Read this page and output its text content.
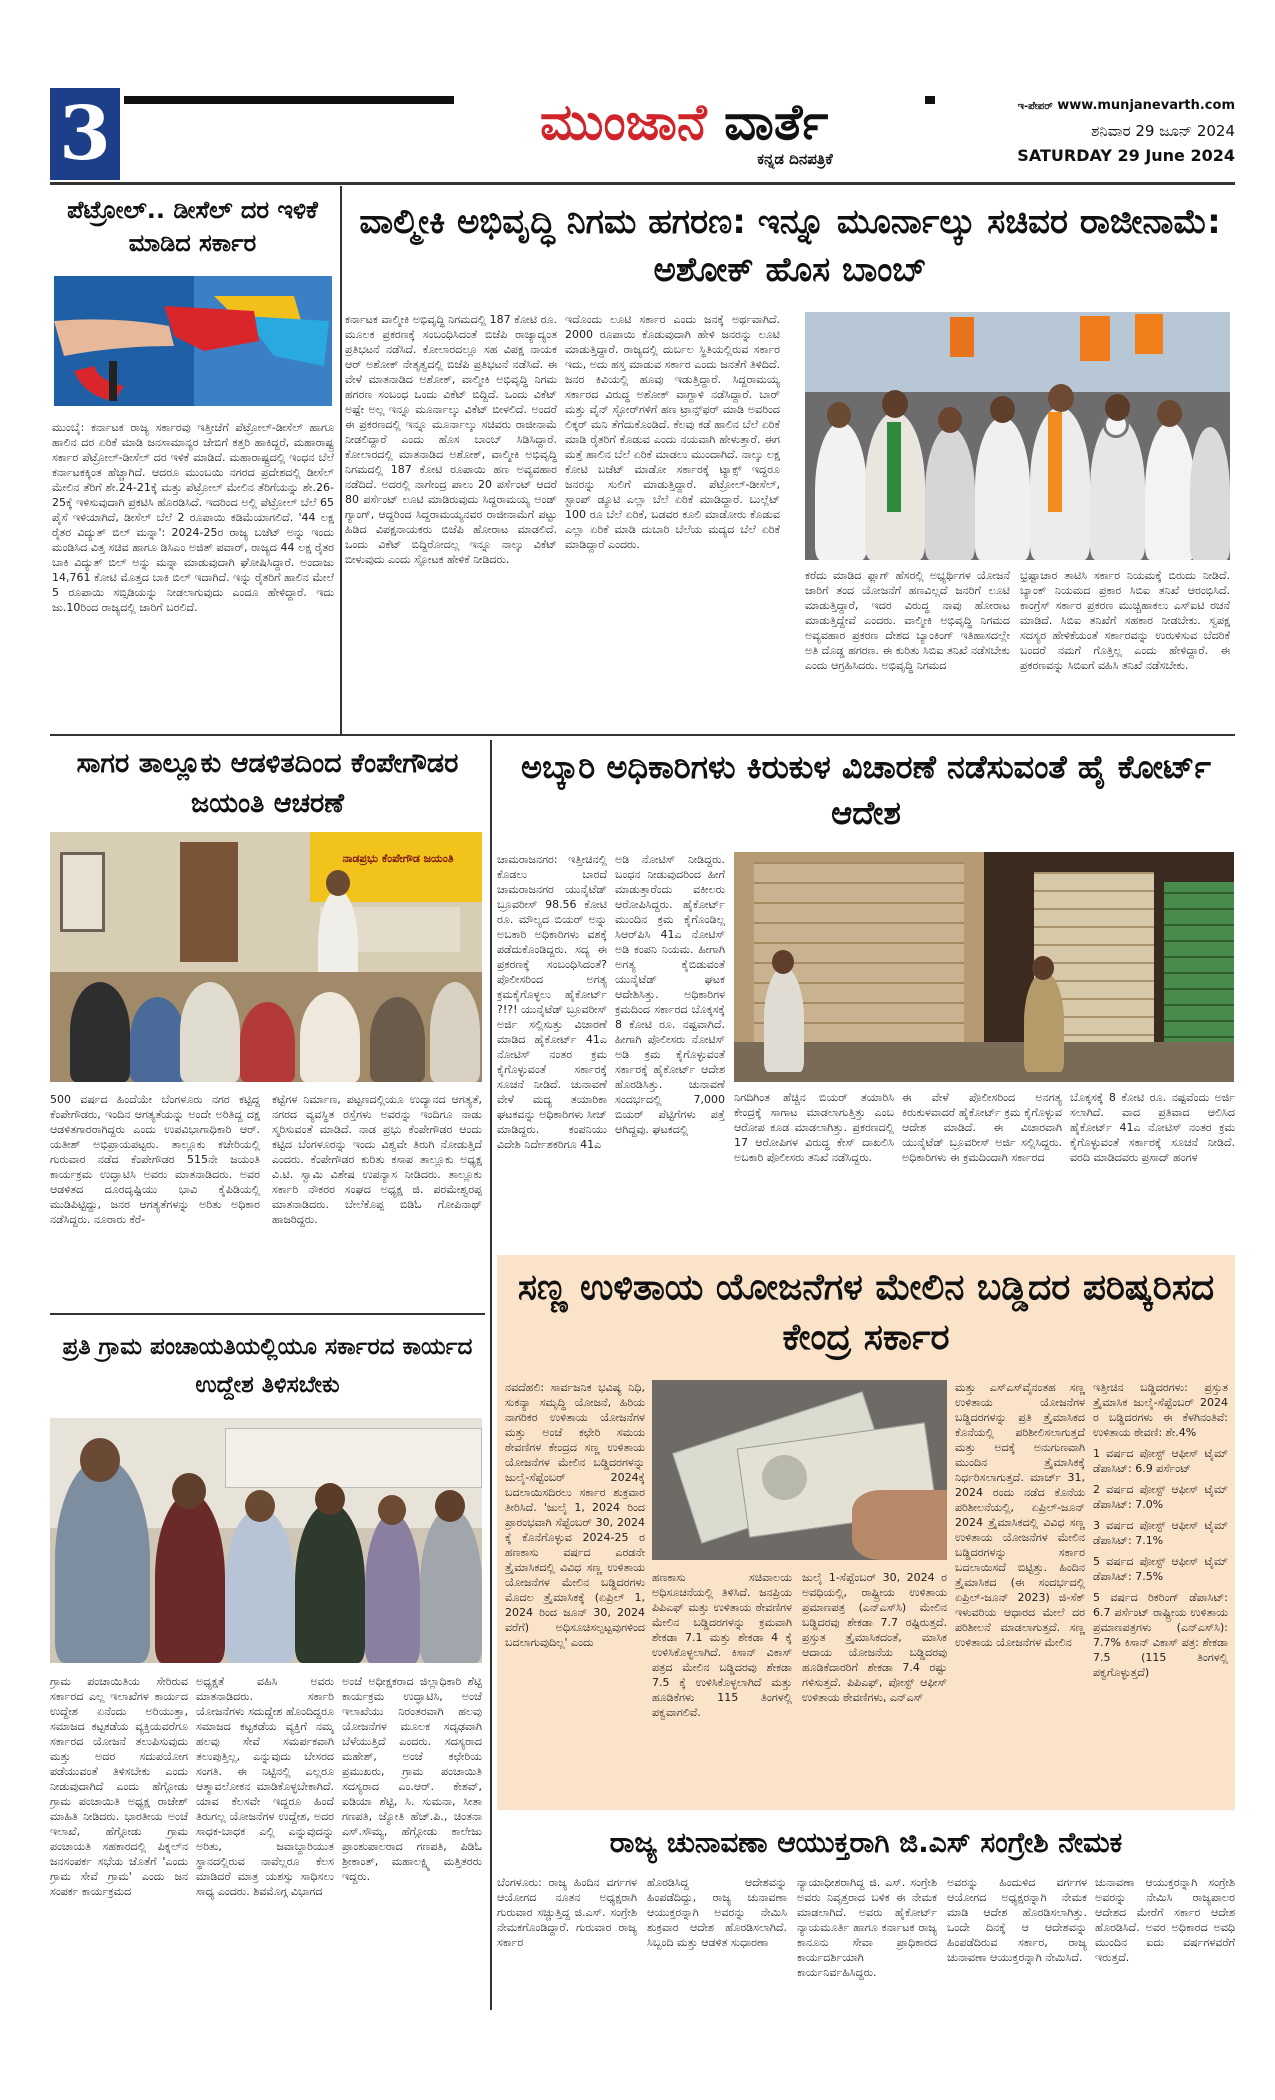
3	ಮುಂಜಾನೆ ವಾರ್ತೆ
ಕನ್ನಡ ದಿನಪತ್ರಿಕೆ
ಇ-ಪೇಪರ್ www.munjanevarth.com
ಶನಿವಾರ 29 ಜೂನ್ 2024
SATURDAY 29 June 2024
ಪೆಟ್ರೋಲ್.. ಡೀಸೆಲ್ ದರ ಇಳಿಕೆ ಮಾಡಿದ ಸರ್ಕಾರ
ಮುಂಬೈ: ಕರ್ನಾಟಕ ರಾಜ್ಯ ಸರ್ಕಾರವು ಇತ್ತೀಚೆಗೆ ಪೆಟ್ರೋಲ್-ಡೀಸೆಲ್ ಹಾಗೂ ಹಾಲಿನ ದರ ಏರಿಕೆ ಮಾಡಿ ಜನಸಾಮಾನ್ಯರ ಜೇಬಿಗೆ ಕತ್ತರಿ ಹಾಕಿದ್ದರೆ, ಮಹಾರಾಷ್ಟ್ರ ಸರ್ಕಾರ ಪೆಟ್ರೋಲ್-ಡೀಸೆಲ್ ದರ ಇಳಿಕೆ ಮಾಡಿದೆ. ಮಹಾರಾಷ್ಟ್ರದಲ್ಲಿ ಇಂಧನ ಬೆಲೆ ಕರ್ನಾಟಕಕ್ಕಿಂತ ಹೆಚ್ಚಾಗಿದೆ. ಆದರೂ ಮುಂಬಯಿ ನಗರದ ಪ್ರದೇಶದಲ್ಲಿ ಡೀಸೆಲ್ ಮೇಲಿನ ತೆರಿಗೆ ಶೇ.24-21ಕ್ಕೆ ಮತ್ತು ಪೆಟ್ರೋಲ್ ಮೇಲಿನ ತೆರಿಗೆಯನ್ನು ಶೇ.26-25ಕ್ಕೆ ಇಳಿಸುವುದಾಗಿ ಪ್ರಕಟಿಸಿ ಹೊರಡಿಸಿದೆ. ಇದರಿಂದ ಅಲ್ಲಿ ಪೆಟ್ರೋಲ್ ಬೆಲೆ 65 ಪೈಸೆ ಇಳಿಯಾಗಿದೆ, ಡೀಸೆಲ್ ಬೆಲೆ 2 ರೂಪಾಯಿ ಕಡಿಮೆಯಾಗಲಿದೆ. '44 ಲಕ್ಷ ರೈತರ ವಿದ್ಯುತ್ ಬಿಲ್ ಮನ್ನಾ': 2024-25ರ ರಾಜ್ಯ ಬಜೆಟ್ ಅನ್ನು ಇಂದು ಮಂಡಿಸಿದ ವಿತ್ತ ಸಚಿವ ಹಾಗೂ ಡಿಸಿಎಂ ಅಜಿತ್ ಪವಾರ್, ರಾಜ್ಯದ 44 ಲಕ್ಷ ರೈತರ ಬಾಕಿ ವಿದ್ಯುತ್ ಬಿಲ್ ಅನ್ನು ಮನ್ನಾ ಮಾಡುವುದಾಗಿ ಘೋಷಿಸಿದ್ದಾರೆ. ಅಂದಾಜು 14,761 ಕೋಟಿ ಮೊತ್ತದ ಬಾಕಿ ಬಿಲ್ ಇದಾಗಿದೆ. ಇನ್ನು ರೈತರಿಗೆ ಹಾಲಿನ ಮೇಲೆ 5 ರೂಪಾಯಿ ಸಬ್ಸಿಡಿಯನ್ನು ನೀಡಲಾಗುವುದು ಎಂದೂ ಹೇಳಿದ್ದಾರೆ. ಇದು ಜು.10ರಿಂದ ರಾಜ್ಯದಲ್ಲಿ ಜಾರಿಗೆ ಬರಲಿದೆ.
ವಾಲ್ಮೀಕಿ ಅಭಿವೃದ್ಧಿ ನಿಗಮ ಹಗರಣ: ಇನ್ನೂ ಮೂರ್ನಾಲ್ಕು ಸಚಿವರ ರಾಜೀನಾಮೆ: ಅಶೋಕ್ ಹೊಸ ಬಾಂಬ್
ಕರ್ನಾಟಕ ವಾಲ್ಮೀಕಿ ಅಭಿವೃದ್ಧಿ ನಿಗಮದಲ್ಲಿ 187 ಕೋಟಿ ರೂ. ಮೂಲಕ ಪ್ರಕರಣಕ್ಕೆ ಸಂಬಂಧಿಸಿದಂತೆ ಬಿಜೆಪಿ ರಾಜ್ಯಾದ್ಯಂತ ಪ್ರತಿಭಟನೆ ನಡೆಸಿದೆ. ಕೋಲಾರದಲ್ಲೂ ಸಹ ವಿಪಕ್ಷ ನಾಯಕ ಆರ್ ಅಶೋಕ್ ನೇತೃತ್ವದಲ್ಲಿ ಬಿಜೆಪಿ ಪ್ರತಿಭಟನೆ ನಡೆಸಿದೆ. ಈ ವೇಳೆ ಮಾತನಾಡಿದ ಅಶೋಕ್, ವಾಲ್ಮೀಕಿ ಅಭಿವೃದ್ಧಿ ನಿಗಮ ಹಗರಣ ಸಂಬಂಧ ಒಂದು ವಿಕೆಟ್ ಬಿದ್ದಿದೆ. ಒಂದು ವಿಕೆಟ್ ಅಷ್ಟೇ ಅಲ್ಲ ಇನ್ನೂ ಮೂರ್ನಾಲ್ಕು ವಿಕೆಟ್ ಬೀಳಲಿದೆ. ಅಂದರೆ ಈ ಪ್ರಕರಣದಲ್ಲಿ ಇನ್ನೂ ಮೂರ್ನಾಲ್ಕು ಸಚಿವರು ರಾಜೀನಾಮೆ ನೀಡಲಿದ್ದಾರೆ ಎಂದು ಹೊಸ ಬಾಂಬ್ ಸಿಡಿಸಿದ್ದಾರೆ. ಕೋಲಾರದಲ್ಲಿ ಮಾತನಾಡಿದ ಅಶೋಕ್, ವಾಲ್ಮೀಕಿ ಅಭಿವೃದ್ಧಿ ನಿಗಮದಲ್ಲಿ 187 ಕೋಟಿ ರೂಪಾಯಿ ಹಣ ಅವ್ಯವಹಾರ ನಡೆದಿದೆ. ಅದರಲ್ಲಿ ನಾಗೇಂದ್ರ ಪಾಲು 20 ಪರ್ಸೆಂಟ್ ಆದರೆ 80 ಪರ್ಸೆಂಟ್ ಲೂಟಿ ಮಾಡಿರುವುದು ಸಿದ್ದರಾಮಯ್ಯ ಅಂಡ್ ಗ್ಯಾಂಗ್, ಆದ್ದರಿಂದ ಸಿದ್ದರಾಮಯ್ಯನವರ ರಾಜೀನಾಮೆಗೆ ಪಟ್ಟು ಹಿಡಿದ ವಿಪಕ್ಷನಾಯಕರು ಬಿಜೆಪಿ ಹೋರಾಟ ಮಾಡಲಿದೆ. ಒಂದು ವಿಕೆಟ್ ಬಿದ್ದಿರೋದಲ್ಲ ಇನ್ನೂ ನಾಲ್ಕು ವಿಕೆಟ್ ಬೀಳುವುದು ಎಂದು ಸ್ಫೋಟಕ ಹೇಳಿಕೆ ನೀಡಿದರು.
ಇದೊಂದು ಲೂಟಿ ಸರ್ಕಾರ ಎಂದು ಜನಕ್ಕೆ ಅರ್ಥವಾಗಿದೆ. 2000 ರೂಪಾಯಿ ಕೊಡುವುದಾಗಿ ಹೇಳಿ ಜನರನ್ನು ಲೂಟಿ ಮಾಡುತ್ತಿದ್ದಾರೆ. ರಾಜ್ಯದಲ್ಲಿ ದುರ್ಬಲ ಸ್ಥಿತಿಯಲ್ಲಿರುವ ಸರ್ಕಾರ ಇದು, ಅದು ಹಸ್ತ ಮಾಡುವ ಸರ್ಕಾರ ಎಂದು ಜನತೆಗೆ ತಿಳಿದಿದೆ. ಜನರ ಕಿವಿಯಲ್ಲಿ ಹೂವು ಇಡುತ್ತಿದ್ದಾರೆ. ಸಿದ್ದರಾಮಯ್ಯ ಸರ್ಕಾರದ ವಿರುದ್ಧ ಅಶೋಕ್ ವಾಗ್ದಾಳಿ ನಡೆಸಿದ್ದಾರೆ. ಬಾರ್ ಮತ್ತು ವೈನ್ ಸ್ಟೋರ್‌ಗಳಿಗೆ ಹಣ ಟ್ರಾನ್ಸ್‌ಫರ್ ಮಾಡಿ ಅವರಿಂದ ಲಿಕ್ಕರ್ ಮನಿ ತೆಗೆದುಕೊಂಡಿದೆ. ಕೆಲವು ಕಡೆ ಹಾಲಿನ ಬೆಲೆ ಏರಿಕೆ ಮಾಡಿ ರೈತರಿಗೆ ಕೊಡುವ ಎಂದು ನಯವಾಗಿ ಹೇಳುತ್ತಾರೆ. ಈಗ ಮತ್ತೆ ಹಾಲಿನ ಬೆಲೆ ಏರಿಕೆ ಮಾಡಲು ಮುಂದಾಗಿದೆ. ನಾಲ್ಕು ಲಕ್ಷ ಕೋಟಿ ಬಜೆಟ್ ಮಾಡೋ ಸರ್ಕಾರಕ್ಕೆ ಟ್ಯಾಕ್ಸ್ ಇದ್ದರೂ ಜನರನ್ನು ಸುಲಿಗೆ ಮಾಡುತ್ತಿದ್ದಾರೆ. ಪೆಟ್ರೋಲ್-ಡೀಸೆಲ್, ಸ್ಟಾಂಪ್ ಡ್ಯೂಟಿ ಎಲ್ಲಾ ಬೆಲೆ ಏರಿಕೆ ಮಾಡಿದ್ದಾರೆ. ಬುಲ್ಲೆಟ್ 100 ರೂ ಬೆಲೆ ಏರಿಕೆ, ಬಡವರ ಕೂಲಿ ಮಾಡೋರು ಕೊಡುವ ಎಲ್ಲಾ ಏರಿಕೆ ಮಾಡಿ ದುಬಾರಿ ಬೆಲೆಯ ಮದ್ಯದ ಬೆಲೆ ಏರಿಕೆ ಮಾಡಿದ್ದಾರೆ ಎಂದರು.
ಕರೆದು ಮಾಡಿದ ಫ್ಲಾಗ್ ಹೆಸರಲ್ಲಿ ಅಭ್ಯರ್ಥಿಗಳ ಯೋಜನೆ ಜಾರಿಗೆ ತಂದ ಯೋಜನೆಗೆ ಹಣವಿಲ್ಲದೆ ಜನರಿಗೆ ಲೂಟಿ ಮಾಡುತ್ತಿದ್ದಾರೆ, ಇದರ ವಿರುದ್ಧ ನಾವು ಹೋರಾಟ ಮಾಡುತ್ತಿದ್ದೇವೆ ಎಂದರು. ವಾಲ್ಮೀಕಿ ಅಭಿವೃದ್ಧಿ ನಿಗಮದ ಅವ್ಯವಹಾರ ಪ್ರಕರಣ ದೇಶದ ಬ್ಯಾಂಕಿಂಗ್ ಇತಿಹಾಸದಲ್ಲೇ ಅತಿ ದೊಡ್ಡ ಹಗರಣ. ಈ ಕುರಿತು ಸಿಬಿಐ ತನಿಖೆ ನಡೆಸಬೇಕು ಎಂದು ಆಗ್ರಹಿಸಿದರು. ಅಭಿವೃದ್ಧಿ ನಿಗಮದ
ಭ್ರಷ್ಟಾಚಾರ ತಾಟಿಸಿ ಸರ್ಕಾರ ನಿಯಮಕ್ಕೆ ಬಿರುದು ನೀಡಿದೆ. ಬ್ಯಾಂಕ್ ನಿಯಮದ ಪ್ರಕಾರ ಸಿಬಿಐ ತನಿಖೆ ಆರಂಭಿಸಿದೆ. ಕಾಂಗ್ರೆಸ್ ಸರ್ಕಾರ ಪ್ರಕರಣ ಮುಚ್ಚಿಹಾಕಲು ಎಸ್‌ಐಟಿ ರಚನೆ ಮಾಡಿದೆ. ಸಿಬಿಐ ತನಿಖೆಗೆ ಸಹಕಾರ ನೀಡಬೇಕು. ಸ್ವಪಕ್ಷ ಸದಸ್ಯರ ಹೇಳಿಕೆಯಂತೆ ಸರ್ಕಾರವನ್ನು ಉರುಳಿಸುವ ಬೆದರಿಕೆ ಬಂದರೆ ನಮಗೆ ಗೊತ್ತಿಲ್ಲ ಎಂದು ಹೇಳಿದ್ದಾರೆ. ಈ ಪ್ರಕರಣವನ್ನು ಸಿಬಿಐಗೆ ವಹಿಸಿ ತನಿಖೆ ನಡೆಸಬೇಕು.
ಸಾಗರ ತಾಲ್ಲೂಕು ಆಡಳಿತದಿಂದ ಕೆಂಪೇಗೌಡರ ಜಯಂತಿ ಆಚರಣೆ
ನಾಡಪ್ರಭು ಕೆಂಪೇಗೌಡ ಜಯಂತಿ
500 ವರ್ಷದ ಹಿಂದೆಯೇ ಬೆಂಗಳೂರು ನಗರ ಕಟ್ಟಿದ್ದ ಕೆಂಪೇಗೌಡರು, ಇಂದಿನ ಆಗತ್ಯತೆಯನ್ನು ಅಂದೇ ಅರಿತಿದ್ದ ದಕ್ಷ ಆಡಳಿತಗಾರರಾಗಿದ್ದರು ಎಂದು ಉಪವಿಭಾಗಾಧಿಕಾರಿ ಆರ್. ಯತೀಶ್ ಅಭಿಪ್ರಾಯಪಟ್ಟರು. ತಾಲ್ಲೂಕು ಕಚೇರಿಯಲ್ಲಿ ಗುರುವಾರ ನಡೆದ ಕೆಂಪೇಗೌಡರ 515ನೇ ಜಯಂತಿ ಕಾರ್ಯಕ್ರಮ ಉದ್ಘಾಟಿಸಿ ಅವರು ಮಾತನಾಡಿದರು. ಅವರ ಆಡಳಿತದ ದೂರದೃಷ್ಟಿಯು ಭಾವಿ ಕೈಪಿಡಿಯಲ್ಲಿ ಮುಡಿಪಿಟ್ಟಿದ್ದು, ಜನರ ಆಗತ್ಯತೆಗಳನ್ನು ಅರಿತು ಅಧಿಕಾರ ನಡೆಸಿದ್ದರು. ನೂರಾರು ಕೆರೆ-
ಕಟ್ಟೆಗಳ ನಿರ್ಮಾಣ, ಪಟ್ಟಣದಲ್ಲಿಯೂ ಉದ್ಯಾನದ ಆಗತ್ಯತೆ, ನಗರದ ವ್ಯವಸ್ಥಿತ ರಸ್ತೆಗಳು ಅವರನ್ನು ಇಂದಿಗೂ ನಾಡು ಸ್ಮರಿಸುವಂತೆ ಮಾಡಿದೆ. ನಾಡ ಪ್ರಭು ಕೆಂಪೇಗೌಡರ ಆಂದು ಕಟ್ಟಿದ ಬೆಂಗಳೂರನ್ನು ಇಂದು ವಿಶ್ವವೇ ತಿರುಗಿ ನೋಡುತ್ತಿದೆ ಎಂದರು. ಕೆಂಪೇಗೌಡರ ಕುರಿತು ಕಸಾಪ ತಾಲ್ಲೂಕು ಅಧ್ಯಕ್ಷ ವಿ.ಟಿ. ಸ್ವಾಮಿ ವಿಶೇಷ ಉಪನ್ಯಾಸ ನೀಡಿದರು. ತಾಲ್ಲೂಕು ಸರ್ಕಾರಿ ನೌಕರರ ಸಂಘದ ಅಧ್ಯಕ್ಷ ಜಿ. ಪರಮೇಶ್ವರಪ್ಪ ಮಾತನಾಡಿದರು. ಬೇಲೆಕೊಪ್ಪ ಬಿಡಿಓ ಗೋಪಿನಾಥ್ ಹಾಜರಿದ್ದರು.
ಪ್ರತಿ ಗ್ರಾಮ ಪಂಚಾಯತಿಯಲ್ಲಿಯೂ ಸರ್ಕಾರದ ಕಾರ್ಯದ ಉದ್ದೇಶ ತಿಳಿಸಬೇಕು
ಗ್ರಾಮ ಪಂಚಾಯಿತಿಯ ಸೇರಿರುವ ಸರ್ಕಾರದ ಎಲ್ಲ ಇಲಾಖೆಗಳ ಕಾರ್ಯದ ಉದ್ದೇಶ ಏನೆಂದು ಅರಿಯುತ್ತಾ, ಸಮಾಜದ ಕಟ್ಟಕಡೆಯ ವ್ಯಕ್ತಿಯವರೆಗೂ ಸರ್ಕಾರದ ಯೋಜನೆ ತಲುಪಿಸುವುದು ಮತ್ತು ಅದರ ಸದುಪಯೋಗ ಪಡೆಯುವಂತೆ ತಿಳಿಸಬೇಕು ಎಂದು ನೀಡುವುದಾಗಿದೆ ಎಂದು ಹೆಗ್ಗೋಡು ಗ್ರಾಮ ಪಂಚಾಯಿತಿ ಅಧ್ಯಕ್ಷ ರಾಜೇಶ್ ಮಾಹಿತಿ ನೀಡಿದರು. ಭಾರತೀಯ ಅಂಚೆ ಇಲಾಖೆ, ಹೆಗ್ಗೋಡು ಗ್ರಾಮ ಪಂಚಾಯತಿ ಸಹಕಾರದಲ್ಲಿ ಪಿಕ್ನಲ್‌ನ ಜನಸಂಪರ್ಕ ಸಭೆಯ ಜೊತೆಗೆ 'ಎಂದು ಗ್ರಾಮ ಸೇವೆ ಗ್ರಾಮ' ಎಂದು ಜನ ಸಂಪರ್ಕ ಕಾರ್ಯಕ್ರಮದ
ಅಧ್ಯಕ್ಷತೆ ವಹಿಸಿ ಅವರು ಮಾತನಾಡಿದರು. ಸರ್ಕಾರಿ ಯೋಜನೆಗಳು ಸದುದ್ದೇಶ ಹೊಂದಿದ್ದರೂ ಸಮಾಜದ ಕಟ್ಟಕಡೆಯ ವ್ಯಕ್ತಿಗೆ ನಮ್ಮ ಹಲವು ಸೇವೆ ಸಮರ್ಪಕವಾಗಿ ತಲುಪುತ್ತಿಲ್ಲ, ಎನ್ನುವುದು ಬೇಸರದ ಸಂಗತಿ. ಈ ನಿಟ್ಟಿನಲ್ಲಿ ಎಲ್ಲರೂ ಆತ್ಮಾವಲೋಕನ ಮಾಡಿಕೊಳ್ಳಬೇಕಾಗಿದೆ. ಯಾವ ಕೆಲಸವೇ ಇದ್ದರೂ ಹಿಂದೆ ತಿರುಗಲ್ಲ ಯೋಜನೆಗಳ ಉದ್ದೇಶ, ಅದರ ಸಾಧಕ-ಬಾಧಕ ಎಲ್ಲಿ ಎನ್ನುವುದನ್ನು ಅರಿತು, ಜವಾಬ್ದಾರಿಯುತ ಸ್ಥಾನದಲ್ಲಿರುವ ನಾವೆಲ್ಲರೂ ಕೆಲಸ ಮಾಡಿದರೆ ಮಾತ್ರ ಯಶಸ್ಸು ಸಾಧಿಸಲು ಸಾಧ್ಯ ಎಂದರು. ಶಿವಮೊಗ್ಗ ವಿಭಾಗದ
ಅಂಚೆ ಅಧೀಕ್ಷಕರಾದ ಜಿಲ್ಲಾಧಿಕಾರಿ ಶೆಟ್ಟಿ ಕಾರ್ಯಕ್ರಮ ಉದ್ಘಾಟಿಸಿ, ಅಂಚೆ ಇಲಾಖೆಯು ನಿರಂತರವಾಗಿ ಹಲವು ಯೋಜನೆಗಳ ಮೂಲಕ ಸದೃಢವಾಗಿ ಬೆಳೆಯುತ್ತಿದೆ ಎಂದರು. ಸದಸ್ಯರಾದ ಮಹೇಶ್, ಅಂಚೆ ಕಛೇರಿಯ ಪ್ರಮುಖರು, ಗ್ರಾಮ ಪಂಚಾಯಿತಿ ಸದಸ್ಯರಾದ ಎಂ.ಆರ್. ಕೇಶವ್, ಐಡಿಯಾ ಶೆಟ್ಟಿ, ಸಿ. ಸುಮನಾ, ಸೀತಾ ಗಣಪತಿ, ಜ್ಯೋತಿ ಹೆಚ್.ಪಿ., ಚಿಂತನಾ ಎಸ್.ಸೌಮ್ಯ, ಹೆಗ್ಗೋಡು ಕಾಲೇಜು ಪ್ರಾಂಶುಪಾಲರಾದ ಗಣಪತಿ, ಪಿಡಿಓ ಶ್ರೀಕಾಂತ್, ಮಹಾಲಕ್ಷ್ಮಿ ಮತ್ತಿತರರು ಇದ್ದರು.
ಅಬ್ಕಾರಿ ಅಧಿಕಾರಿಗಳು ಕಿರುಕುಳ ವಿಚಾರಣೆ ನಡೆಸುವಂತೆ ಹೈ ಕೋರ್ಟ್ ಆದೇಶ
ಚಾಮರಾಜನಗರ: ಇತ್ತೀಚಿನಲ್ಲಿ ಕೊಡಲು ಬಾರದೆ ಚಾಮರಾಜನಗರ ಯುನೈಟೆಡ್ ಬ್ರೂವರೀಸ್ 98.56 ಕೋಟಿ ರೂ. ಮೌಲ್ಯದ ಬಿಯರ್ ಅನ್ನು ಅಬಕಾರಿ ಅಧಿಕಾರಿಗಳು ವಶಕ್ಕೆ ಪಡೆದುಕೊಂಡಿದ್ದರು. ಸದ್ಯ ಈ ಪ್ರಕರಣಕ್ಕೆ ಸಂಬಂಧಿಸಿದಂತೆ? ಪೊಲೀಸರಿಂದ ಅಗತ್ಯ ಕ್ರಮಕೈಗೊಳ್ಳಲು ಹೈಕೋರ್ಟ್ ?!?! ಯುನೈಟೆಡ್ ಬ್ರೂವರೀಸ್ ಅರ್ಜಿ ಸಲ್ಲಿಸುತ್ತು ವಿಚಾರಣೆ ಮಾಡಿದ ಹೈಕೋರ್ಟ್ 41ಎ ನೋಟಿಸ್ ನಂತರ ಕ್ರಮ ಕೈಗೊಳ್ಳುವಂತೆ ಸರ್ಕಾರಕ್ಕೆ ಸೂಚನೆ ನೀಡಿದೆ. ಚುನಾವಣೆ ವೇಳೆ ಮದ್ಯ ತಯಾರಿಕಾ ಘಟಕವನ್ನು ಅಧಿಕಾರಿಗಳು ಸೀಜ್ ಮಾಡಿದ್ದರು. ಕಂಪನಿಯು ವಿದೇಶಿ ನಿರ್ದೇಶಕರಿಗೂ 41ಎ
ಅಡಿ ನೋಟಿಸ್ ನೀಡಿದ್ದರು. ಬಂಧನ ನೀಡುವುದರಿಂದ ಹೀಗೆ ಮಾಡುತ್ತಾರೆಂದು ವಕೀಲರು ಆರೋಪಿಸಿದ್ದರು. ಹೈಕೋರ್ಟ್ ಮುಂದಿನ ಕ್ರಮ ಕೈಗೊಂಡಿಲ್ಲ ಸಿಆರ್‌ಪಿಸಿ 41ಎ ನೋಟಿಸ್ ಅಡಿ ಕಂಪನಿ ನಿಯಮ. ಹೀಗಾಗಿ ಅಗತ್ಯ ಕೈಬಿಡುವಂತೆ ಯುನೈಟೆಡ್ ಘಟಕ ಆದೇಶಿಸಿತ್ತು. ಅಧಿಕಾರಿಗಳ ಕ್ರಮದಿಂದ ಸರ್ಕಾರದ ಬೊಕ್ಕಸಕ್ಕೆ 8 ಕೋಟಿ ರೂ. ನಷ್ಟವಾಗಿದೆ. ಹೀಗಾಗಿ ಪೊಲೀಸರು ನೋಟಿಸ್ ಅಡಿ ಕ್ರಮ ಕೈಗೊಳ್ಳುವಂತೆ ಸರ್ಕಾರಕ್ಕೆ ಹೈಕೋರ್ಟ್ ಆದೇಶ ಹೊರಡಿಸಿತ್ತು. ಚುನಾವಣೆ ಸಂದರ್ಭದಲ್ಲಿ 7,000 ಬಿಯರ್ ಪೆಟ್ಟಿಗೆಗಳು ಪತ್ತೆ ಆಗಿದ್ದವು. ಘಟಕದಲ್ಲಿ
ನಿಗದಿಗಿಂತ ಹೆಚ್ಚಿನ ಬಿಯರ್ ತಯಾರಿಸಿ ಕೇಂದ್ರಕ್ಕೆ ಸಾಗಾಟ ಮಾಡಲಾಗುತ್ತಿತ್ತು ಎಂಬ ಆರೋಪ ಕೂಡ ಮಾಡಲಾಗಿತ್ತು. ಪ್ರಕರಣದಲ್ಲಿ 17 ಆರೋಪಿಗಳ ವಿರುದ್ಧ ಕೇಸ್ ದಾಖಲಿಸಿ ಅಬಕಾರಿ ಪೊಲೀಸರು ತನಿಖೆ ನಡೆಸಿದ್ದರು.
ಈ ವೇಳೆ ಪೊಲೀಸರಿಂದ ಅನಗತ್ಯ ಕಿರುಕುಳವಾದರೆ ಹೈಕೋರ್ಟ್ ಕ್ರಮ ಕೈಗೊಳ್ಳುವ ಆದೇಶ ಮಾಡಿದೆ. ಈ ವಿಚಾರವಾಗಿ ಯುನೈಟೆಡ್ ಬ್ರೂವರೀಸ್ ಅರ್ಜಿ ಸಲ್ಲಿಸಿದ್ದರು. ಅಧಿಕಾರಿಗಳು ಈ ಕ್ರಮದಿಂದಾಗಿ ಸರ್ಕಾರದ
ಬೊಕ್ಕಸಕ್ಕೆ 8 ಕೋಟಿ ರೂ. ನಷ್ಟವೆಂದು ಅರ್ಜಿ ಸಲಾಗಿದೆ. ವಾದ ಪ್ರತಿವಾದ ಆಲಿಸಿದ ಹೈಕೋರ್ಟ್ 41ಎ ನೋಟಿಸ್ ನಂತರ ಕ್ರಮ ಕೈಗೊಳ್ಳುವಂತೆ ಸರ್ಕಾರಕ್ಕೆ ಸೂಚನೆ ನೀಡಿದೆ. ವರದಿ ಮಾಡಿದವರು ಪ್ರಸಾದ್ ಹಂಗಳ
ಸಣ್ಣ ಉಳಿತಾಯ ಯೋಜನೆಗಳ ಮೇಲಿನ ಬಡ್ಡಿದರ ಪರಿಷ್ಕರಿಸದ ಕೇಂದ್ರ ಸರ್ಕಾರ
ನವದೆಹಲಿ: ಸಾರ್ವಜನಿಕ ಭವಿಷ್ಯ ನಿಧಿ, ಸುಕನ್ಯಾ ಸಮೃದ್ಧಿ ಯೋಜನೆ, ಹಿರಿಯ ನಾಗರಿಕರ ಉಳಿತಾಯ ಯೋಜನೆಗಳ ಮತ್ತು ಅಂಚೆ ಕಛೇರಿ ಸಮಯ ಠೇವಣಿಗಳ ಕೇಂದ್ರದ ಸಣ್ಣ ಉಳಿತಾಯ ಯೋಜನೆಗಳ ಮೇಲಿನ ಬಡ್ಡಿದರಗಳನ್ನು ಜುಲೈ-ಸೆಪ್ಟೆಂಬರ್ 2024ಕ್ಕೆ ಬದಲಾಯಿಸದಿರಲು ಸರ್ಕಾರ ಶುಕ್ರವಾರ ತೀರಿಸಿದೆ. 'ಜುಲೈ 1, 2024 ರಿಂದ ಪ್ರಾರಂಭವಾಗಿ ಸೆಪ್ಟೆಂಬರ್ 30, 2024 ಕ್ಕೆ ಕೊನೆಗೊಳ್ಳುವ 2024-25 ರ ಹಣಕಾಸು ವರ್ಷದ ಎರಡನೇ ತ್ರೈಮಾಸಿಕದಲ್ಲಿ ವಿವಿಧ ಸಣ್ಣ ಉಳಿತಾಯ ಯೋಜನೆಗಳ ಮೇಲಿನ ಬಡ್ಡಿದರಗಳು ಮೊದಲ ತ್ರೈಮಾಸಿಕಕ್ಕೆ (ಏಪ್ರಿಲ್ 1, 2024 ರಿಂದ ಜೂನ್ 30, 2024 ವರೆಗೆ) ಅಧಿಸೂಚಿಸಲ್ಪಟ್ಟವುಗಳಿಂದ ಬದಲಾಗುವುದಿಲ್ಲ' ಎಂದು
ಹಣಕಾಸು ಸಚಿವಾಲಯ ಅಧಿಸೂಚನೆಯಲ್ಲಿ ತಿಳಿಸಿದೆ. ಜನಪ್ರಿಯ ಪಿಪಿಎಫ್ ಮತ್ತು ಉಳಿತಾಯ ಠೇವಣಿಗಳ ಮೇಲಿನ ಬಡ್ಡಿದರಗಳನ್ನು ಕ್ರಮವಾಗಿ ಶೇಕಡಾ 7.1 ಮತ್ತು ಶೇಕಡಾ 4 ಕ್ಕೆ ಉಳಿಸಿಕೊಳ್ಳಲಾಗಿದೆ. ಕಿಸಾನ್ ವಿಕಾಸ್ ಪತ್ರದ ಮೇಲಿನ ಬಡ್ಡಿದರವು ಶೇಕಡಾ 7.5 ಕ್ಕೆ ಉಳಿಸಿಕೊಳ್ಳಲಾಗಿದೆ ಮತ್ತು ಹೂಡಿಕೆಗಳು 115 ತಿಂಗಳಲ್ಲಿ ಪಕ್ವವಾಗಲಿವೆ.
ಜುಲೈ 1-ಸೆಪ್ಟೆಂಬರ್ 30, 2024 ರ ಅವಧಿಯಲ್ಲಿ, ರಾಷ್ಟ್ರೀಯ ಉಳಿತಾಯ ಪ್ರಮಾಣಪತ್ರ (ಎನ್‌ಎಸ್‌ಸಿ) ಮೇಲಿನ ಬಡ್ಡಿದರವು ಶೇಕಡಾ 7.7 ರಷ್ಟಿರುತ್ತದೆ. ಪ್ರಸ್ತುತ ತ್ರೈಮಾಸಿಕದಂತೆ, ಮಾಸಿಕ ಆದಾಯ ಯೋಜನೆಯ ಬಡ್ಡಿದರವು ಹೂಡಿಕೆದಾರರಿಗೆ ಶೇಕಡಾ 7.4 ರಷ್ಟು ಗಳಿಸುತ್ತದೆ. ಪಿಪಿಎಫ್, ಪೋಸ್ಟ್ ಆಫೀಸ್ ಉಳಿತಾಯ ಠೇವಣಿಗಳು, ಎನ್‌ಎಸ್
ಮತ್ತು ಎಸ್‌ಎಸ್‌ವೈನಂತಹ ಸಣ್ಣ ಉಳಿತಾಯ ಯೋಜನೆಗಳ ಬಡ್ಡಿದರಗಳನ್ನು ಪ್ರತಿ ತ್ರೈಮಾಸಿಕದ ಕೊನೆಯಲ್ಲಿ ಪರಿಶೀಲಿಸಲಾಗುತ್ತದೆ ಮತ್ತು ಅದಕ್ಕೆ ಅನುಗುಣವಾಗಿ ಮುಂದಿನ ತ್ರೈಮಾಸಿಕಕ್ಕೆ ನಿರ್ಧರಿಸಲಾಗುತ್ತದೆ. ಮಾರ್ಚ್ 31, 2024 ರಂದು ನಡೆದ ಕೊನೆಯ ಪರಿಶೀಲನೆಯಲ್ಲಿ, ಏಪ್ರಿಲ್-ಜೂನ್ 2024 ತ್ರೈಮಾಸಿಕದಲ್ಲಿ ವಿವಿಧ ಸಣ್ಣ ಉಳಿತಾಯ ಯೋಜನೆಗಳ ಮೇಲಿನ ಬಡ್ಡಿದರಗಳನ್ನು ಸರ್ಕಾರ ಬದಲಾಯಿಸದೆ ಬಿಟ್ಟಿತ್ತು. ಹಿಂದಿನ ತ್ರೈಮಾಸಿಕದ (ಈ ಸಂದರ್ಭದಲ್ಲಿ ಏಪ್ರಿಲ್-ಜೂನ್ 2023) ಜಿ-ಸೆಕ್ ಇಳುವರಿಯ ಆಧಾರದ ಮೇಲೆ ದರ ಪರಿಶೀಲನೆ ಮಾಡಲಾಗುತ್ತದೆ. ಸಣ್ಣ ಉಳಿತಾಯ ಯೋಜನೆಗಳ ಮೇಲಿನ
ಇತ್ತೀಚಿನ ಬಡ್ಡಿದರಗಳು: ಪ್ರಸ್ತುತ ತ್ರೈಮಾಸಿಕ ಜುಲೈ-ಸೆಪ್ಟೆಂಬರ್ 2024 ರ ಬಡ್ಡಿದರಗಳು ಈ ಕೆಳಗಿನಂತಿವೆ: ಉಳಿತಾಯ ಠೇವಣಿ: ಶೇ.4%
1 ವರ್ಷದ ಪೋಸ್ಟ್ ಆಫೀಸ್ ಟೈಮ್ ಡೆಪಾಸಿಟ್: 6.9 ಪರ್ಸೆಂಟ್
2 ವರ್ಷದ ಪೋಸ್ಟ್ ಆಫೀಸ್ ಟೈಮ್ ಡೆಪಾಸಿಟ್: 7.0%
3 ವರ್ಷದ ಪೋಸ್ಟ್ ಆಫೀಸ್ ಟೈಮ್ ಡೆಪಾಸಿಟ್: 7.1%
5 ವರ್ಷದ ಪೋಸ್ಟ್ ಆಫೀಸ್ ಟೈಮ್ ಡೆಪಾಸಿಟ್: 7.5%
5 ವರ್ಷದ ರಿಕರಿಂಗ್ ಡೆಪಾಸಿಟ್: 6.7 ಪರ್ಸೆಂಟ್ ರಾಷ್ಟ್ರೀಯ ಉಳಿತಾಯ ಪ್ರಮಾಣಪತ್ರಗಳು (ಎನ್‌ಎಸ್‌ಸಿ): 7.7% ಕಿಸಾನ್ ವಿಕಾಸ್ ಪತ್ರ: ಶೇಕಡಾ 7.5 (115 ತಿಂಗಳಲ್ಲಿ ಪಕ್ವಗೊಳ್ಳುತ್ತದೆ)
ರಾಜ್ಯ ಚುನಾವಣಾ ಆಯುಕ್ತರಾಗಿ ಜಿ.ಎಸ್ ಸಂಗ್ರೇಶಿ ನೇಮಕ
ಬೆಂಗಳೂರು: ರಾಜ್ಯ ಹಿಂದಿನ ವರ್ಗಗಳ ಆಯೋಗದ ನೂತನ ಅಧ್ಯಕ್ಷರಾಗಿ ಗುರುವಾರ ಸಚ್ಚುತ್ತಿದ್ದ ಜಿ.ಎಸ್. ಸಂಗ್ರೇಶಿ ನೇಮಕಗೊಂಡಿದ್ದಾರೆ. ಗುರುವಾರ ರಾಜ್ಯ ಸರ್ಕಾರ
ಹೊರಡಿಸಿದ್ದ ಆದೇಶವನ್ನು ಹಿಂಪಡೆದಿದ್ದು, ರಾಜ್ಯ ಚುನಾವಣಾ ಆಯುಕ್ತರನ್ನಾಗಿ ಅವರನ್ನು ನೇಮಿಸಿ ಶುಕ್ರವಾರ ಆದೇಶ ಹೊರಡಿಸಲಾಗಿದೆ. ಸಿಬ್ಬಂದಿ ಮತ್ತು ಆಡಳಿತ ಸುಧಾರಣಾ
ನ್ಯಾಯಾಧೀಶರಾಗಿದ್ದ ಜಿ. ಎಸ್. ಸಂಗ್ರೇಶಿ ಅವರು ನಿವೃತ್ತರಾದ ಬಳಿಕ ಈ ನೇಮಕ ಮಾಡಲಾಗಿದೆ. ಅವರು ಹೈಕೋರ್ಟ್ ನ್ಯಾಯಮೂರ್ತಿ ಹಾಗೂ ಕರ್ನಾಟಕ ರಾಜ್ಯ ಕಾನೂನು ಸೇವಾ ಪ್ರಾಧಿಕಾರದ ಕಾರ್ಯದರ್ಶಿಯಾಗಿ ಕಾರ್ಯನಿರ್ವಹಿಸಿದ್ದರು.
ಅವರನ್ನು ಹಿಂದುಳಿದ ವರ್ಗಗಳ ಆಯೋಗದ ಅಧ್ಯಕ್ಷರನ್ನಾಗಿ ನೇಮಕ ಮಾಡಿ ಆದೇಶ ಹೊರಡಿಸಲಾಗಿತ್ತು. ಒಂದೇ ದಿನಕ್ಕೆ ಆ ಆದೇಶವನ್ನು ಹಿಂಪಡೆದಿರುವ ಸರ್ಕಾರ, ರಾಜ್ಯ ಚುನಾವಣಾ ಆಯುಕ್ತರನ್ನಾಗಿ ನೇಮಿಸಿದೆ.
ಚುನಾವಣಾ ಆಯುಕ್ತರನ್ನಾಗಿ ಸಂಗ್ರೇಶಿ ಅವರನ್ನು ನೇಮಿಸಿ ರಾಜ್ಯಪಾಲರ ಆದೇಶದ ಮೇರೆಗೆ ಸರ್ಕಾರ ಆದೇಶ ಹೊರಡಿಸಿದೆ. ಅವರ ಅಧಿಕಾರದ ಅವಧಿ ಮುಂದಿನ ಐದು ವರ್ಷಗಳವರೆಗೆ ಇರುತ್ತದೆ.
